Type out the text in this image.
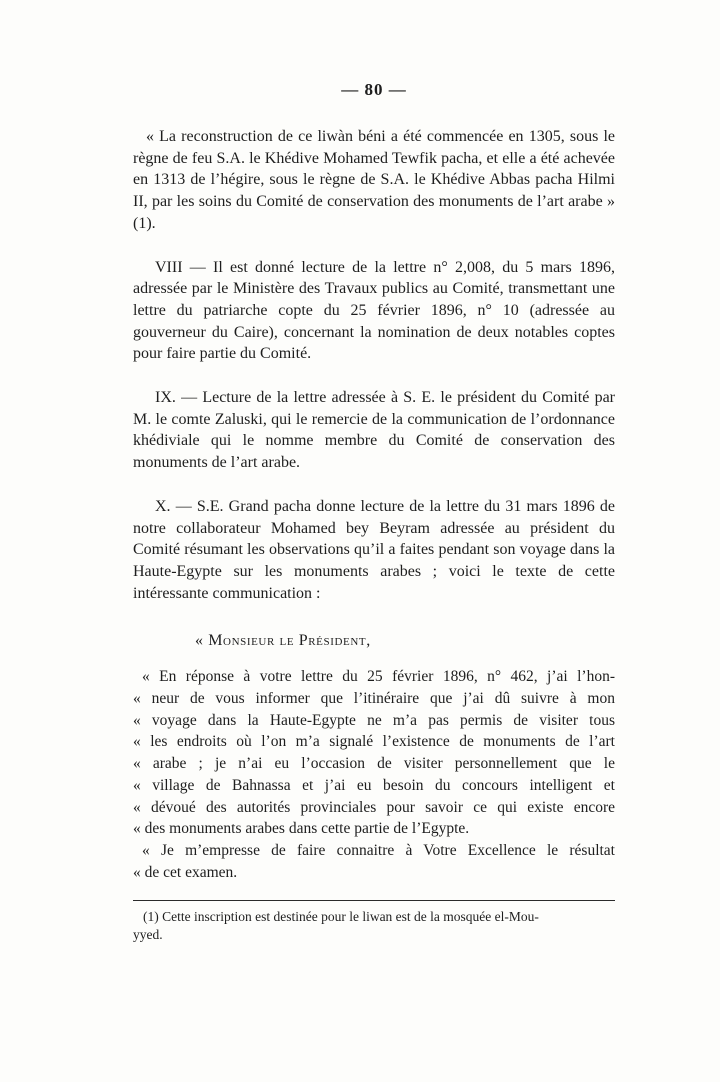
— 80 —

« La reconstruction de ce liwàn béni a été commencée en 1305, sous le règne de feu S.A. le Khédive Mohamed Tewfik pacha, et elle a été achevée en 1313 de l’hégire, sous le règne de S.A. le Khédive Abbas pacha Hilmi II, par les soins du Comité de conservation des monuments de l’art arabe » (1).

VIII — Il est donné lecture de la lettre n° 2,008, du 5 mars 1896, adressée par le Ministère des Travaux publics au Comité, transmettant une lettre du patriarche copte du 25 février 1896, n° 10 (adressée au gouverneur du Caire), concernant la nomination de deux notables coptes pour faire partie du Comité.

IX. — Lecture de la lettre adressée à S. E. le président du Comité par M. le comte Zaluski, qui le remercie de la communication de l’ordonnance khédiviale qui le nomme membre du Comité de conservation des monuments de l’art arabe.

X. — S.E. Grand pacha donne lecture de la lettre du 31 mars 1896 de notre collaborateur Mohamed bey Beyram adressée au président du Comité résumant les observations qu’il a faites pendant son voyage dans la Haute-Egypte sur les monuments arabes ; voici le texte de cette intéressante communication :

« Monsieur le Président,
« En réponse à votre lettre du 25 février 1896, n° 462, j’ai l’hon-
« neur de vous informer que l’itinéraire que j’ai dû suivre à mon
« voyage dans la Haute-Egypte ne m’a pas permis de visiter tous
« les endroits où l’on m’a signalé l’existence de monuments de l’art
« arabe ; je n’ai eu l’occasion de visiter personnellement que le
« village de Bahnassa et j’ai eu besoin du concours intelligent et
« dévoué des autorités provinciales pour savoir ce qui existe encore
« des monuments arabes dans cette partie de l’Egypte.
« Je m’empresse de faire connaitre à Votre Excellence le résultat
« de cet examen.
(1) Cette inscription est destinée pour le liwan est de la mosquée el-Mou-
yyed.
